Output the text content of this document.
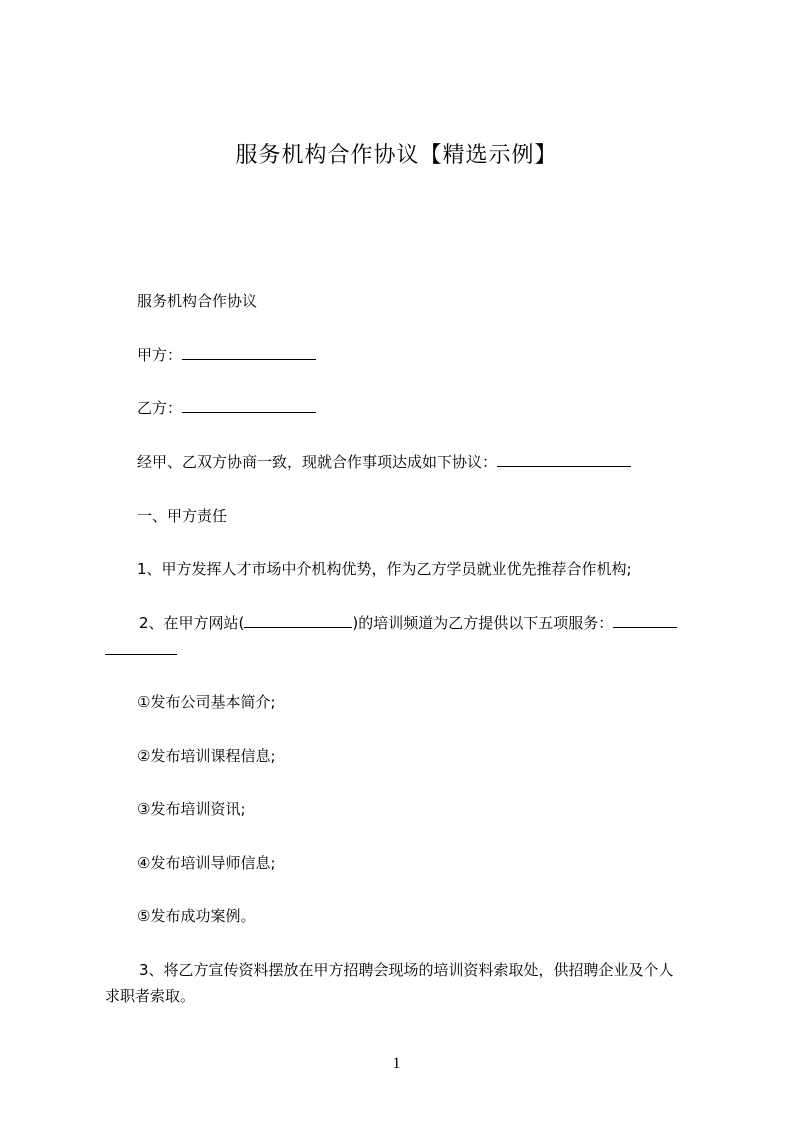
服务机构合作协议【精选示例】
服务机构合作协议
甲方：
乙方：
经甲、乙双方协商一致，现就合作事项达成如下协议：
一、甲方责任
1、甲方发挥人才市场中介机构优势，作为乙方学员就业优先推荐合作机构;
2、在甲方网站(	)的培训频道为乙方提供以下五项服务：
①发布公司基本简介;
②发布培训课程信息;
③发布培训资讯;
④发布培训导师信息;
⑤发布成功案例。
3、将乙方宣传资料摆放在甲方招聘会现场的培训资料索取处，供招聘企业及个人
求职者索取。
1
